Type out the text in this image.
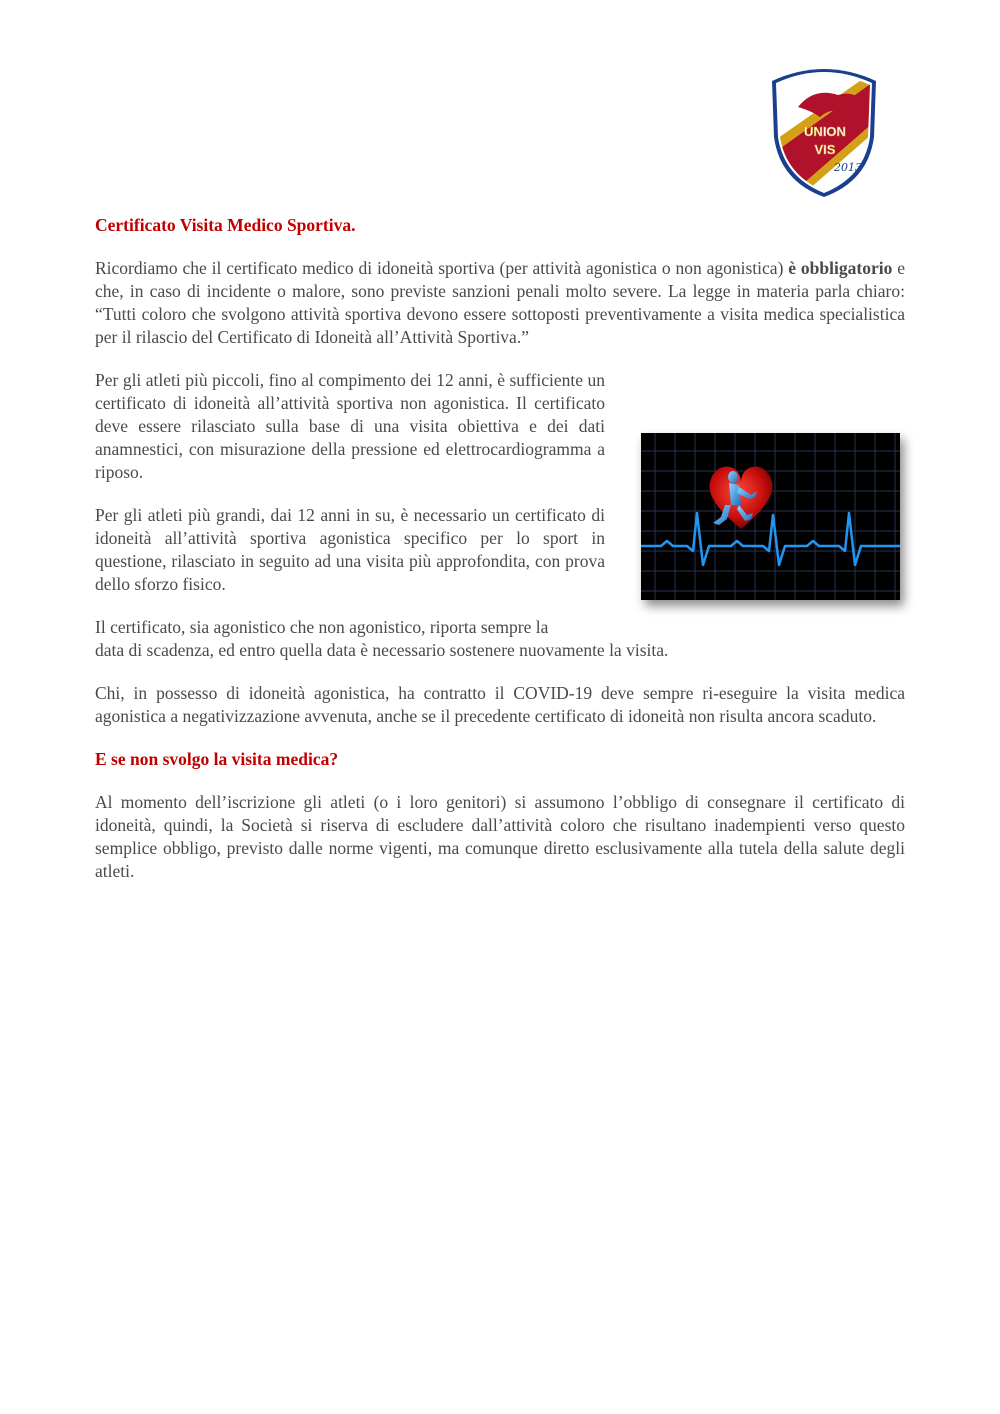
UNION
VIS
2013
Certificato Visita Medico Sportiva.

Ricordiamo che il certificato medico di idoneità sportiva (per attività agonistica o non agonistica) è obbligatorio e che, in caso di incidente o malore, sono previste sanzioni penali molto severe. La legge in materia parla chiaro: “Tutti coloro che svolgono attività sportiva devono essere sottoposti preventivamente a visita medica specialistica per il rilascio del Certificato di Idoneità all’Attività Sportiva.”

Per gli atleti più piccoli, fino al compimento dei 12 anni, è sufficiente un certificato di idoneità all’attività sportiva non agonistica. Il certificato deve essere rilasciato sulla base di una visita obiettiva e dei dati anamnestici, con misurazione della pressione ed elettrocardiogramma a riposo.

Per gli atleti più grandi, dai 12 anni in su, è necessario un certificato di idoneità all’attività sportiva agonistica specifico per lo sport in questione, rilasciato in seguito ad una visita più approfondita, con prova dello sforzo fisico.

Il certificato, sia agonistico che non agonistico, riporta sempre la
data di scadenza, ed entro quella data è necessario sostenere nuovamente la visita.

Chi, in possesso di idoneità agonistica, ha contratto il COVID-19 deve sempre ri-eseguire la visita medica agonistica a negativizzazione avvenuta, anche se il precedente certificato di idoneità non risulta ancora scaduto.

E se non svolgo la visita medica?

Al momento dell’iscrizione gli atleti (o i loro genitori) si assumono l’obbligo di consegnare il certificato di idoneità, quindi, la Società si riserva di escludere dall’attività coloro che risultano inadempienti verso questo semplice obbligo, previsto dalle norme vigenti, ma comunque diretto esclusivamente alla tutela della salute degli atleti.
